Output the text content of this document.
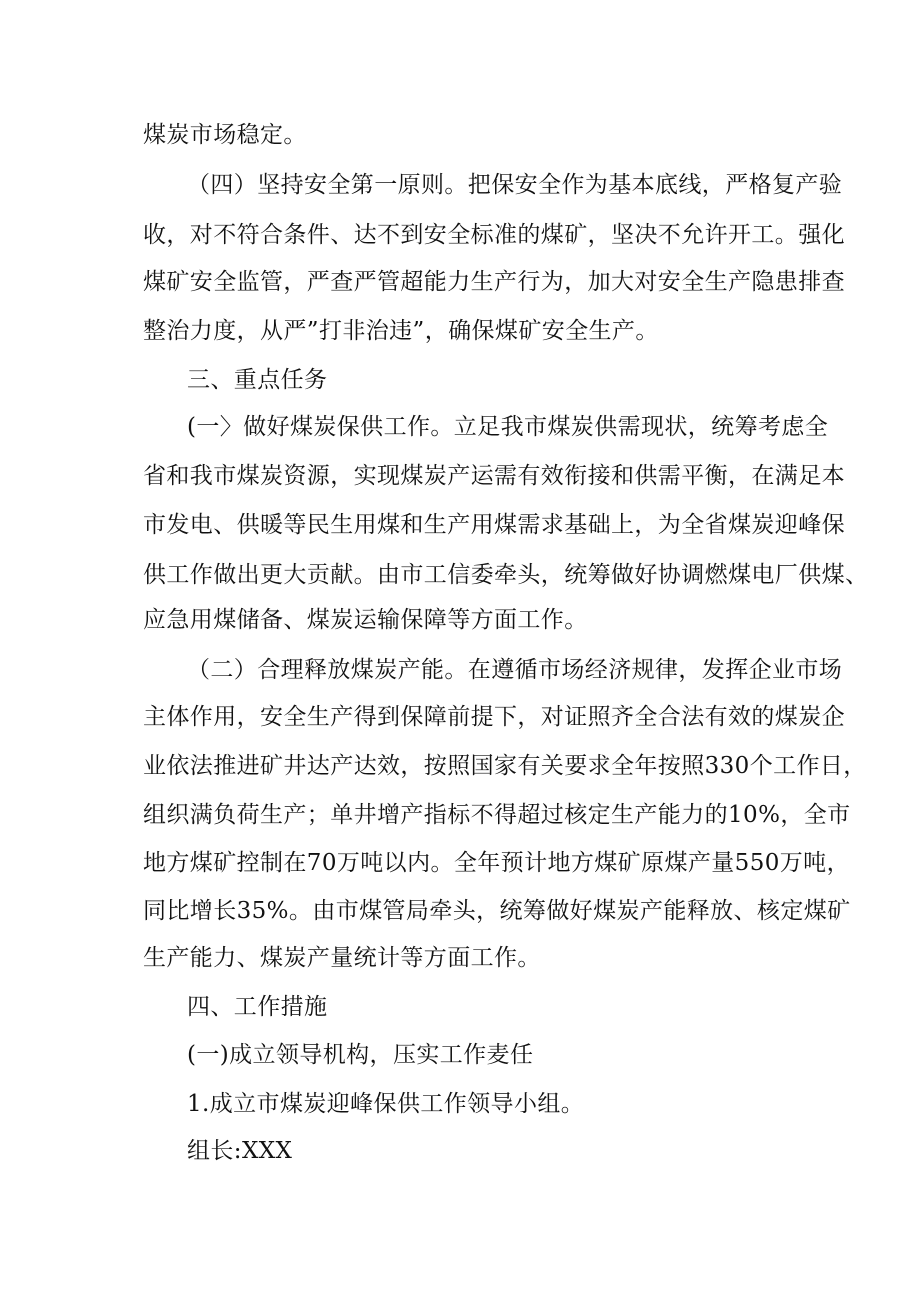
煤炭市场稳定。
（四）坚持安全第一原则。把保安全作为基本底线，严格复产验
收，对不符合条件、达不到安全标准的煤矿，坚决不允许开工。强化
煤矿安全监管，严查严管超能力生产行为，加大对安全生产隐患排查
整治力度，从严”打非治违”，确保煤矿安全生产。
三、重点任务
(一〉做好煤炭保供工作。立足我市煤炭供需现状，统筹考虑全
省和我市煤炭资源，实现煤炭产运需有效衔接和供需平衡，在满足本
市发电、供暖等民生用煤和生产用煤需求基础上，为全省煤炭迎峰保
供工作做出更大贡献。由市工信委牵头，统筹做好协调燃煤电厂供煤、
应急用煤储备、煤炭运输保障等方面工作。
（二）合理释放煤炭产能。在遵循市场经济规律，发挥企业市场
主体作用，安全生产得到保障前提下，对证照齐全合法有效的煤炭企
业依法推进矿井达产达效，按照国家有关要求全年按照330个工作日，
组织满负荷生产；单井增产指标不得超过核定生产能力的10%，全市
地方煤矿控制在70万吨以内。全年预计地方煤矿原煤产量550万吨，
同比增长35%。由市煤管局牵头，统筹做好煤炭产能释放、核定煤矿
生产能力、煤炭产量统计等方面工作。
四、工作措施
(一)成立领导机构，压实工作麦任
1.成立市煤炭迎峰保供工作领导小组。
组长:XXX
